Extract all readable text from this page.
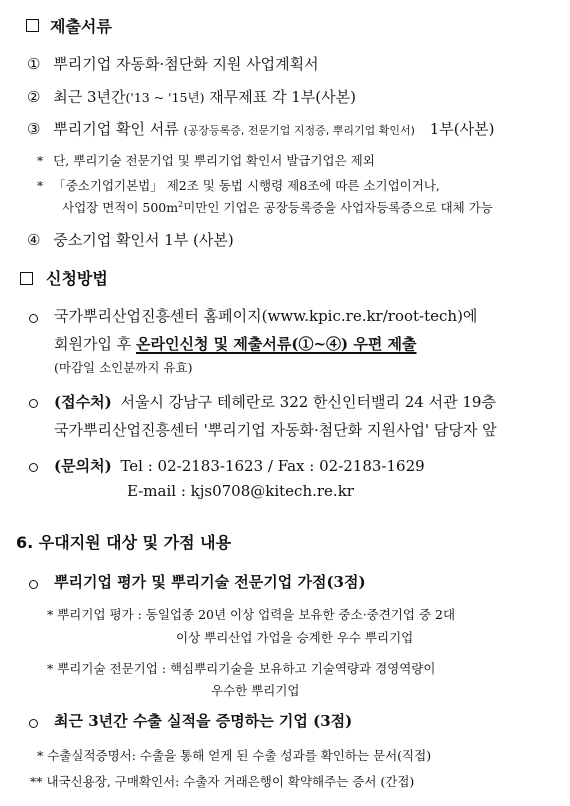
제출서류
① 뿌리기업 자동화·첨단화 지원 사업계획서
② 최근 3년간('13 ~ '15년) 재무제표 각 1부(사본)
③ 뿌리기업 확인 서류 (공장등록증, 전문기업 지정증, 뿌리기업 확인서) 1부(사본)
* 단, 뿌리기술 전문기업 및 뿌리기업 확인서 발급기업은 제외
* 「중소기업기본법」 제2조 및 동법 시행령 제8조에 따른 소기업이거나,
사업장 면적이 $500m^2$미만인 기업은 공장등록증을 사업자등록증으로 대체 가능
④ 중소기업 확인서 1부 (사본)
신청방법
국가뿌리산업진흥센터 홈페이지(www.kpic.re.kr/root-tech)에
회원가입 후 온라인신청 및 제출서류(①~④) 우편 제출
(마감일 소인분까지 유효)
(접수처) 서울시 강남구 테헤란로 322 한신인터밸리 24 서관 19층
국가뿌리산업진흥센터 '뿌리기업 자동화·첨단화 지원사업' 담당자 앞
(문의처) Tel : 02-2183-1623 / Fax : 02-2183-1629
E-mail : kjs0708@kitech.re.kr
6. 우대지원 대상 및 가점 내용
뿌리기업 평가 및 뿌리기술 전문기업 가점(3점)
* 뿌리기업 평가 : 동일업종 20년 이상 업력을 보유한 중소·중견기업 중 2대
이상 뿌리산업 가업을 승계한 우수 뿌리기업
* 뿌리기술 전문기업 : 핵심뿌리기술을 보유하고 기술역량과 경영역량이
우수한 뿌리기업
최근 3년간 수출 실적을 증명하는 기업 (3점)
* 수출실적증명서: 수출을 통해 얻게 된 수출 성과를 확인하는 문서(직접)
** 내국신용장, 구매확인서: 수출자 거래은행이 확약해주는 증서 (간접)
